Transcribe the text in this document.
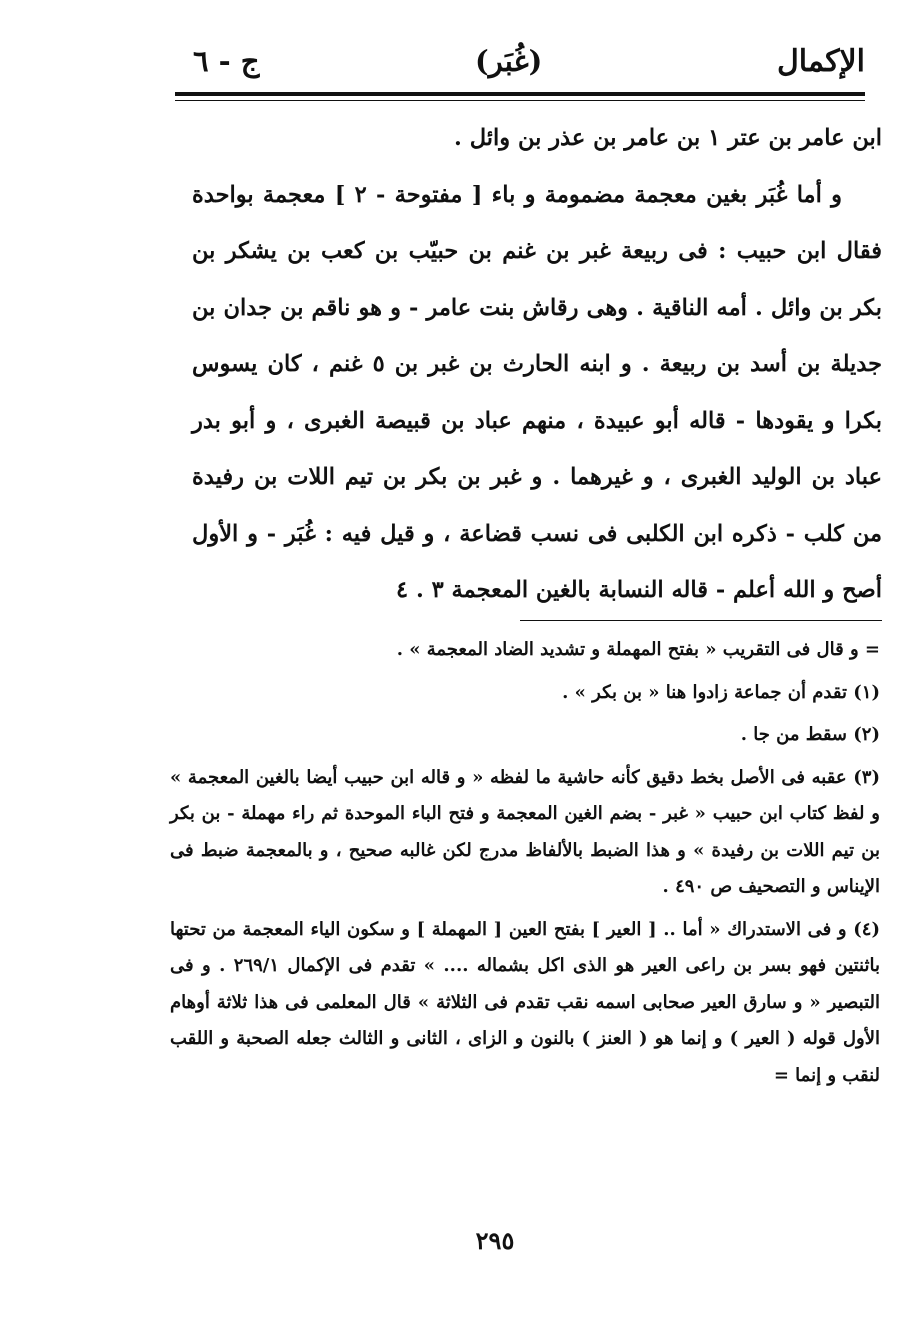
الإكمال
(غُبَر)
ج - ٦

ابن عامر بن عتر ١ بن عامر بن عذر بن وائل .

و أما غُبَر بغين معجمة مضمومة و باء [ مفتوحة - ٢ ] معجمة بواحدة فقال ابن حبيب : فى ربيعة غبر بن غنم بن حبيّب بن كعب بن يشكر بن بكر بن وائل . أمه الناقية . وهى رقاش بنت عامر - و هو ناقم بن جدان بن جديلة بن أسد بن ربيعة . و ابنه الحارث بن غبر بن ٥ غنم ، كان يسوس بكرا و يقودها - قاله أبو عبيدة ، منهم عباد بن قبيصة الغبرى ، و أبو بدر عباد بن الوليد الغبرى ، و غيرهما . و غبر بن بكر بن تيم اللات بن رفيدة من كلب - ذكره ابن الكلبى فى نسب قضاعة ، و قيل فيه : غُبَر - و الأول أصح و الله أعلم - قاله النسابة بالغين المعجمة ٣ . ٤

= و قال فى التقريب « بفتح المهملة و تشديد الضاد المعجمة » .

(١) تقدم أن جماعة زادوا هنا « بن بكر » .

(٢) سقط من جا .

(٣) عقبه فى الأصل بخط دقيق كأنه حاشية ما لفظه « و قاله ابن حبيب أيضا بالغين المعجمة » و لفظ كتاب ابن حبيب « غبر - بضم الغين المعجمة و فتح الباء الموحدة ثم راء مهملة - بن بكر بن تيم اللات بن رفيدة » و هذا الضبط بالألفاظ مدرج لكن غالبه صحيح ، و بالمعجمة ضبط فى الإيناس و التصحيف ص ٤٩٠ .

(٤) و فى الاستدراك « أما .. [ العير ] بفتح العين [ المهملة ] و سكون الياء المعجمة من تحتها باثنتين فهو بسر بن راعى العير هو الذى اكل بشماله .... » تقدم فى الإكمال ٢٦٩/١ . و فى التبصير « و سارق العير صحابى اسمه نقب تقدم فى الثلاثة » قال المعلمى فى هذا ثلاثة أوهام الأول قوله ( العير ) و إنما هو ( العنز ) بالنون و الزاى ، الثانى و الثالث جعله الصحبة و اللقب لنقب و إنما =

٢٩٥
